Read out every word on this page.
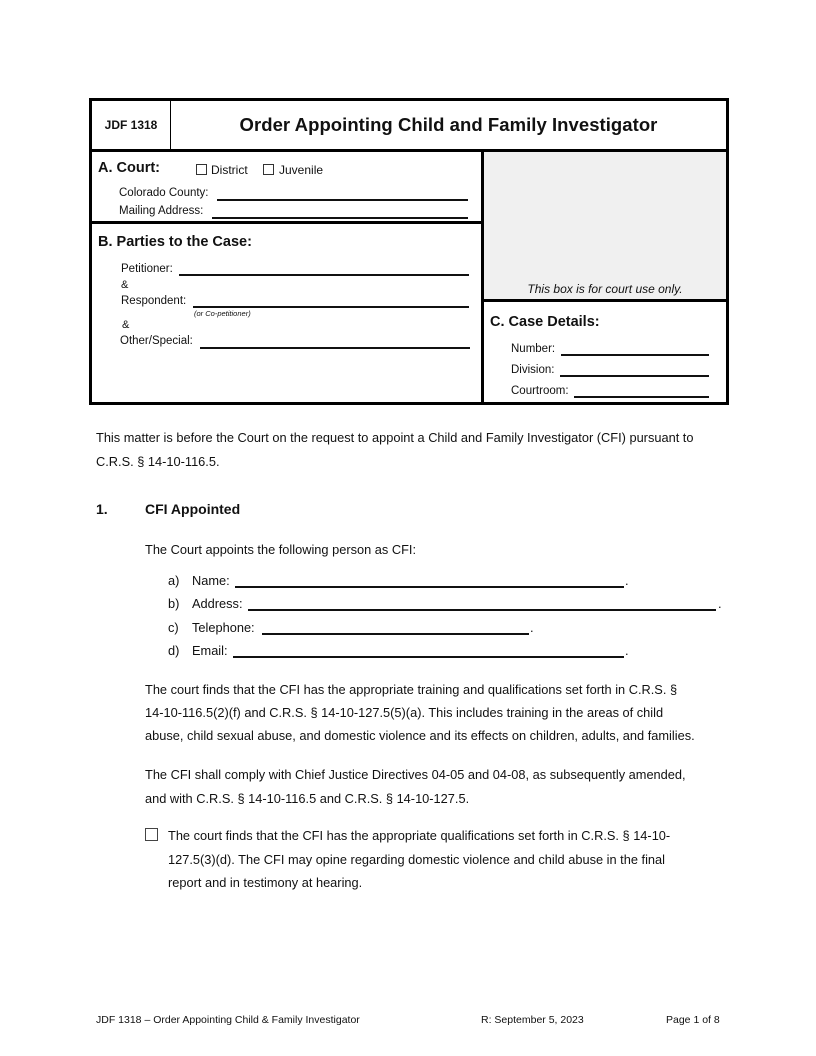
JDF 1318	Order Appointing Child and Family Investigator
This box is for court use only.
A. Court:	District	Juvenile
Colorado County:
Mailing Address:
B. Parties to the Case:
Petitioner:
&
Respondent:
(or Co-petitioner)
&
Other/Special:
C. Case Details:
Number:
Division:
Courtroom:
This matter is before the Court on the request to appoint a Child and Family Investigator (CFI) pursuant to
C.R.S. § 14-10-116.5.
1.	CFI Appointed
The Court appoints the following person as CFI:
a) Name:	.
b) Address:	.
c) Telephone:	.
d) Email:	.
The court finds that the CFI has the appropriate training and qualifications set forth in C.R.S. §
14-10-116.5(2)(f) and C.R.S. § 14-10-127.5(5)(a). This includes training in the areas of child
abuse, child sexual abuse, and domestic violence and its effects on children, adults, and families.
The CFI shall comply with Chief Justice Directives 04-05 and 04-08, as subsequently amended,
and with C.R.S. § 14-10-116.5 and C.R.S. § 14-10-127.5.
The court finds that the CFI has the appropriate qualifications set forth in C.R.S. § 14-10-
127.5(3)(d). The CFI may opine regarding domestic violence and child abuse in the final
report and in testimony at hearing.
JDF 1318 – Order Appointing Child & Family Investigator	R: September 5, 2023	Page 1 of 8
